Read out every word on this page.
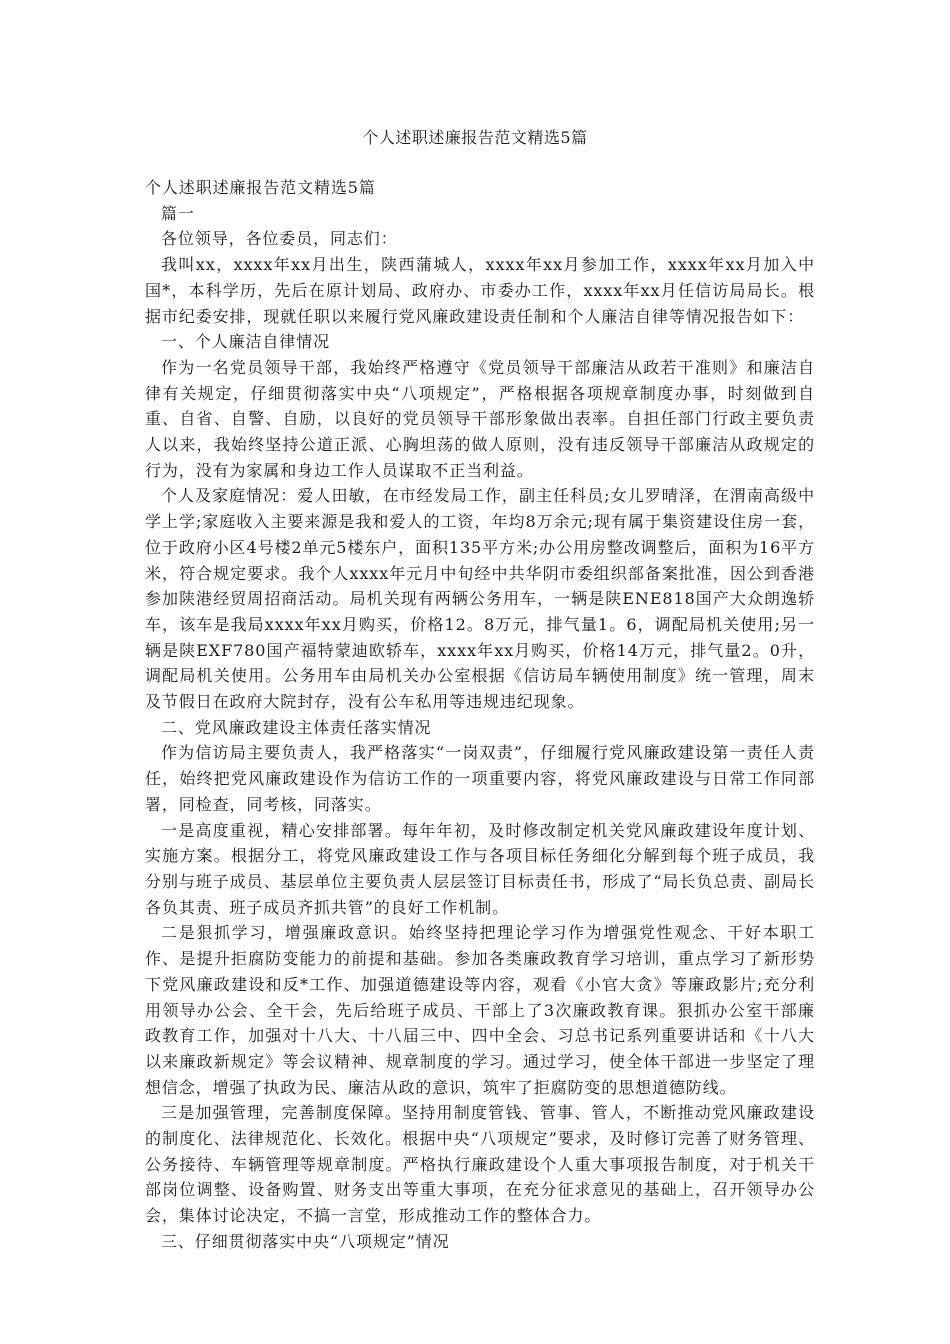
个人述职述廉报告范文精选5篇

个人述职述廉报告范文精选5篇

篇一

各位领导，各位委员，同志们：

我叫xx，xxxx年xx月出生，陕西蒲城人，xxxx年xx月参加工作，xxxx年xx月加入中国*，本科学历，先后在原计划局、政府办、市委办工作，xxxx年xx月任信访局局长。根据市纪委安排，现就任职以来履行党风廉政建设责任制和个人廉洁自律等情况报告如下：

一、个人廉洁自律情况

作为一名党员领导干部，我始终严格遵守《党员领导干部廉洁从政若干准则》和廉洁自律有关规定，仔细贯彻落实中央“八项规定”，严格根据各项规章制度办事，时刻做到自重、自省、自警、自励，以良好的党员领导干部形象做出表率。自担任部门行政主要负责人以来，我始终坚持公道正派、心胸坦荡的做人原则，没有违反领导干部廉洁从政规定的行为，没有为家属和身边工作人员谋取不正当利益。

个人及家庭情况：爱人田敏，在市经发局工作，副主任科员;女儿罗晴泽，在渭南高级中学上学;家庭收入主要来源是我和爱人的工资，年均8万余元;现有属于集资建设住房一套，位于政府小区4号楼2单元5楼东户，面积135平方米;办公用房整改调整后，面积为16平方米，符合规定要求。我个人xxxx年元月中旬经中共华阴市委组织部备案批准，因公到香港参加陕港经贸周招商活动。局机关现有两辆公务用车，一辆是陕ENE818国产大众朗逸轿车，该车是我局xxxx年xx月购买，价格12。8万元，排气量1。6，调配局机关使用;另一辆是陕EXF780国产福特蒙迪欧轿车，xxxx年xx月购买，价格14万元，排气量2。0升，调配局机关使用。公务用车由局机关办公室根据《信访局车辆使用制度》统一管理，周末及节假日在政府大院封存，没有公车私用等违规违纪现象。

二、党风廉政建设主体责任落实情况

作为信访局主要负责人，我严格落实“一岗双责”，仔细履行党风廉政建设第一责任人责任，始终把党风廉政建设作为信访工作的一项重要内容，将党风廉政建设与日常工作同部署，同检查，同考核，同落实。

一是高度重视，精心安排部署。每年年初，及时修改制定机关党风廉政建设年度计划、实施方案。根据分工，将党风廉政建设工作与各项目标任务细化分解到每个班子成员，我分别与班子成员、基层单位主要负责人层层签订目标责任书，形成了“局长负总责、副局长各负其责、班子成员齐抓共管”的良好工作机制。

二是狠抓学习，增强廉政意识。始终坚持把理论学习作为增强党性观念、干好本职工作、是提升拒腐防变能力的前提和基础。参加各类廉政教育学习培训，重点学习了新形势下党风廉政建设和反*工作、加强道德建设等内容，观看《小官大贪》等廉政影片;充分利用领导办公会、全干会，先后给班子成员、干部上了3次廉政教育课。狠抓办公室干部廉政教育工作，加强对十八大、十八届三中、四中全会、习总书记系列重要讲话和《十八大以来廉政新规定》等会议精神、规章制度的学习。通过学习，使全体干部进一步坚定了理想信念，增强了执政为民、廉洁从政的意识，筑牢了拒腐防变的思想道德防线。

三是加强管理，完善制度保障。坚持用制度管钱、管事、管人，不断推动党风廉政建设的制度化、法律规范化、长效化。根据中央“八项规定”要求，及时修订完善了财务管理、公务接待、车辆管理等规章制度。严格执行廉政建设个人重大事项报告制度，对于机关干部岗位调整、设备购置、财务支出等重大事项，在充分征求意见的基础上，召开领导办公会，集体讨论决定，不搞一言堂，形成推动工作的整体合力。

三、仔细贯彻落实中央“八项规定”情况
